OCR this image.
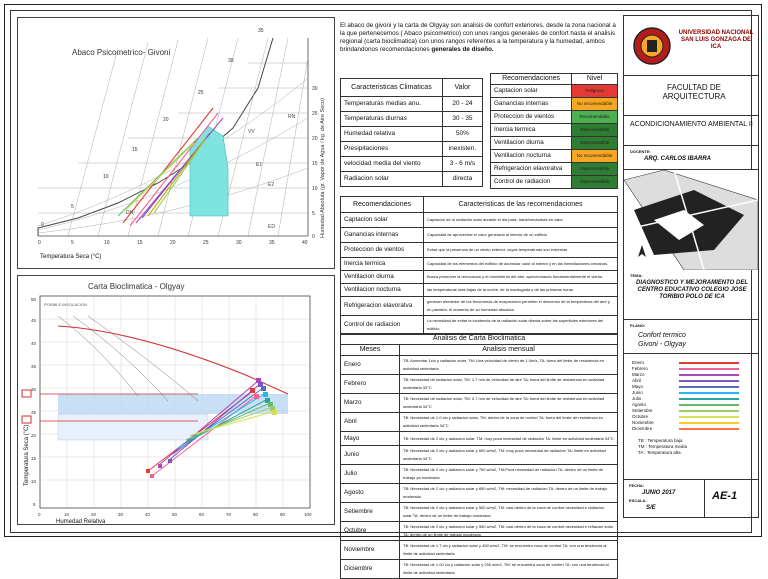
Abaco Psicometrico- Givoni
0
5
10
15
20
25
30
35
0	5	10	15	20	25	30	35	40
0
5
10
15
20
25
30
DH
VV
E1
E2
ED
RN
Temperatura Seca (°C)
Humedad Absoluta (gr. Vapor de Agua / kg. de Aire Seco)
Carta Bioclimatica - Olgyay
0	10	20	30	40	50	60	70	80	90	100
5
10
15
20
25
30
35
40
45
50
POSIBLE INSOLACION
Humedad Relativa
Temperatura Seca (°C)
El abaco de givoni y la carta de Olgyay son analisis de confort exteriores. desde la zona nacional a la que pertenecemos ( Abaco psicometrico) con unos rangos generales de confort hasta el analisis regional (carta bioclimatica) con unos rangos referentes a la temperatura y la humedad, ambos brindandonos recomendaciones generales de diseño.
Caracteristicas Climaticas	Valor
Temperaturas medias anu.	20 - 24
Temperaturas diurnas	30 - 35
Humedad relativa	50%
Presipitaciones	inexisten.
velocidad media del viento	3 - 6 m/s
Radiacion solar	directa
Recomendaciones	Nivel
Captacion solar	Peligroso
Ganancias internas	No recomendable
Proteccion de vientos	Recomendable
Inercia termica	Imprescindible
Ventilacion diurna	Imprescindible
Ventilacion nocturna	No recomendable
Refrigeracion elavoratva	Imprescindible
Control de radiacion	Imprescindible
Recomendaciones	Caracteristicas de las recomendaciones
Captacion solar	Captación de la radiación solar durante el dia para, transformándola en calor
Ganancias internas	Capacidad de aprovechar el calor generado al interior de un edificio
Proteccion de vientos	Evitar que la presencia de un viento exterior, cuyas temperaturas son extremas
Inercia termica	Capacidad de los elementos del edificio de acumular calor al interior y en las inmediaciones cercanas.
Ventilacion diurna	Busca promover la renovacion y el movimiento del aire, aprovechando fundamentalmente el viento.
Ventilacion nocturna	las temperaturas mas bajas de la noche, de la madrugada y de las primeras horas.
Refrigeracion elavoratva	generan alrededor de los fenómenos de evaporación permiten el descenso de la temperatura del aire y, en paralelo, el aumento de su humedad absoluta
Control de radiacion	La necesidad de evitar la incidencia de la radiación solar directa sobre las superficies exteriores del edificio
Analisis de Carta Bioclimatica	
Meses	Analisis mensual
Enero	TB: Aumentar 1clo y radiacion solar, TM: Una velocidad de viento de 1.0m/s, TA: fuera del limite de resistencia en actividad sedentaria
Febrero	TB: Necesidad de radiacion solar, TM: 1.7 m/s de velocidad de aire TA: fuera del limite de resistencia en actividad sedentaria 33°C
Marzo	TB: Necesidad de radiacion solar, TM: 0.7 m/s de velocidad de aire TA: fuera del limite de resistencia en actividad sedentaria 34°C
Abril	TB: Necesidad de 1.0 clo y radiacion solar, TM: dentro de la zona de confort TA: fuera del limite de resistencia en actividad sedentaria 34°C
Mayo	TB: Necesidad de 2 clo y radiacion solar, TM: muy poca necesidad de radiacion TA: limite en actividad sedentaria 34°C
Junio	TB: Necesidad de 2 clo y radiacion solar y 600 w/m2, TM: muy poca necesidad de radiacion TA: limite en actividad sedentaria 34°C
Julio	TB: Necesidad de 2 clo y radiacion solar y 700 w/m2, TM:Poca necesidad de radiacion TA: dentro de un limite de trabajo ya moderado
Agosto	TB: Necesidad de 2 clo y radiacion solar y 650 w/m2, TM: necesidad de radiacion TA: dentro de un limite de trabajo moderado
Setiembre	TB: Necesidad de 2 clo y radiacion solar y 500 w/m2, TM: casi dentro de la zona de confort necesidad e radiacion solar TA: dentro de un limite de trabajo moderado
Octubre	TB: Necesidad de 2 clo y radiacion solar y 550 w/m2, TM: casi dentro de la zona de confort necesidad e reflacion solar TA: dentro de un limite de trabajo moderado
Noviembre	TB: Necesidad de 1.7 clo y radiacion solar y 450 w/m2, TM: se encuentra zona de confort TA: con una tendencia al limite de actividad sedentaria
Diciembre	TB: Necesidad de 1.00 clo y radiacion solar y 250 w/m2, TM: se encuentra zona de confort TA: con una tendencia al limite de actividad sedentaria
UNIVERSIDAD NACIONAL SAN LUIS GONZAGA DE ICA
FACULTAD DE ARQUITECTURA
ACONDICIONAMIENTO AMBIENTAL II
DOCENTE:
ARQ. CARLOS IBARRA
TEMA:
DIAGNOSTICO Y MEJORAMIENTO DEL CENTRO EDUCATIVO COLEGIO JOSE TORIBIO POLO DE ICA
PLANO:
Confort termico Givoni - Olgyay
Enero
Febrero
Marzo
Abril
Mayo
Junio
Julio
Agosto
Setiembre
Octubre
Noviembre
Diciembre
TB : Temperatura baja
TM : Temperatura media
TA : Temperatura alta
FECHA:
JUNIO 2017
ESCALA:
S/E
AE-1
